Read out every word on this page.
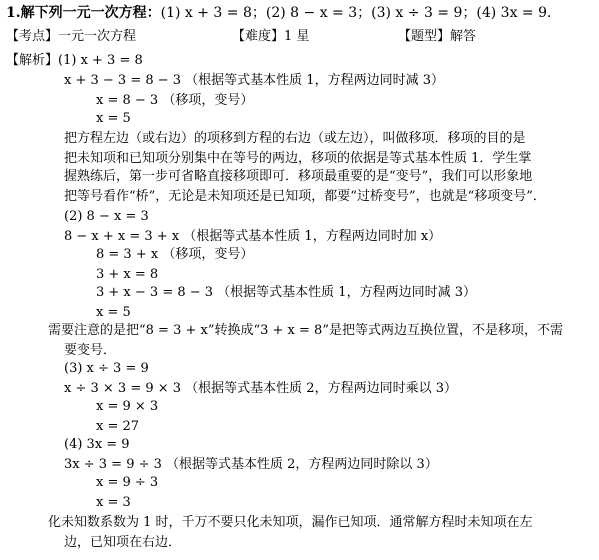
1.解下列一元一次方程：(1) x + 3 = 8；(2) 8 − x = 3；(3) x ÷ 3 = 9；(4) 3x = 9．
【考点】一元一次方程	【难度】1 星	【题型】解答
【解析】(1) x + 3 = 8
x + 3 − 3 = 8 − 3 （根据等式基本性质 1，方程两边同时减 3）
x = 8 − 3 （移项，变号）
x = 5
把方程左边（或右边）的项移到方程的右边（或左边），叫做移项．移项的目的是
把未知项和已知项分别集中在等号的两边，移项的依据是等式基本性质 1．学生掌
握熟练后，第一步可省略直接移项即可．移项最重要的是“变号”，我们可以形象地
把等号看作“桥”，无论是未知项还是已知项，都要“过桥变号”，也就是“移项变号”．
(2) 8 − x = 3
8 − x + x = 3 + x （根据等式基本性质 1，方程两边同时加 x）
8 = 3 + x （移项，变号）
3 + x = 8
3 + x − 3 = 8 − 3 （根据等式基本性质 1，方程两边同时减 3）
x = 5
需要注意的是把“8 = 3 + x”转换成“3 + x = 8”是把等式两边互换位置，不是移项，不需
要变号．
(3) x ÷ 3 = 9
x ÷ 3 × 3 = 9 × 3 （根据等式基本性质 2，方程两边同时乘以 3）
x = 9 × 3
x = 27
(4) 3x = 9
3x ÷ 3 = 9 ÷ 3 （根据等式基本性质 2，方程两边同时除以 3）
x = 9 ÷ 3
x = 3
化未知数系数为 1 时，千万不要只化未知项，漏作已知项．通常解方程时未知项在左
边，已知项在右边．
